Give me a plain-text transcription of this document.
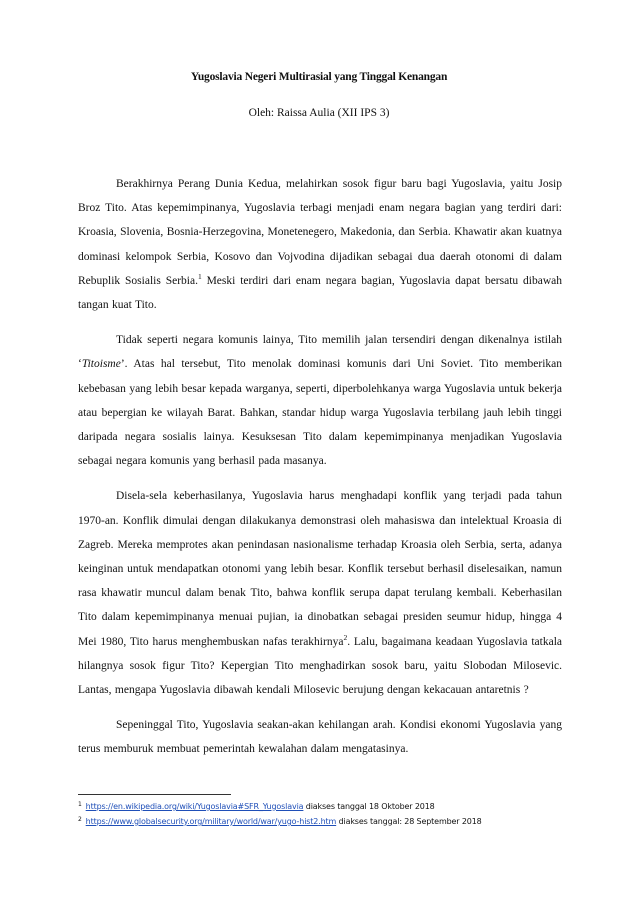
Yugoslavia Negeri Multirasial yang Tinggal Kenangan
Oleh: Raissa Aulia (XII IPS 3)

Berakhirnya Perang Dunia Kedua, melahirkan sosok figur baru bagi Yugoslavia, yaitu Josip Broz Tito. Atas kepemimpinanya, Yugoslavia terbagi menjadi enam negara bagian yang terdiri dari: Kroasia, Slovenia, Bosnia-Herzegovina, Monetenegero, Makedonia, dan Serbia. Khawatir akan kuatnya dominasi kelompok Serbia, Kosovo dan Vojvodina dijadikan sebagai dua daerah otonomi di dalam Rebuplik Sosialis Serbia.$^1$ Meski terdiri dari enam negara bagian, Yugoslavia dapat bersatu dibawah tangan kuat Tito.

Tidak seperti negara komunis lainya, Tito memilih jalan tersendiri dengan dikenalnya istilah ‘Titoisme’. Atas hal tersebut, Tito menolak dominasi komunis dari Uni Soviet. Tito memberikan kebebasan yang lebih besar kepada warganya, seperti, diperbolehkanya warga Yugoslavia untuk bekerja atau bepergian ke wilayah Barat. Bahkan, standar hidup warga Yugoslavia terbilang jauh lebih tinggi daripada negara sosialis lainya. Kesuksesan Tito dalam kepemimpinanya menjadikan Yugoslavia sebagai negara komunis yang berhasil pada masanya.

Disela-sela keberhasilanya, Yugoslavia harus menghadapi konflik yang terjadi pada tahun 1970-an. Konflik dimulai dengan dilakukanya demonstrasi oleh mahasiswa dan intelektual Kroasia di Zagreb. Mereka memprotes akan penindasan nasionalisme terhadap Kroasia oleh Serbia, serta, adanya keinginan untuk mendapatkan otonomi yang lebih besar. Konflik tersebut berhasil diselesaikan, namun rasa khawatir muncul dalam benak Tito, bahwa konflik serupa dapat terulang kembali. Keberhasilan Tito dalam kepemimpinanya menuai pujian, ia dinobatkan sebagai presiden seumur hidup, hingga 4 Mei 1980, Tito harus menghembuskan nafas terakhirnya$^2$. Lalu, bagaimana keadaan Yugoslavia tatkala hilangnya sosok figur Tito? Kepergian Tito menghadirkan sosok baru, yaitu Slobodan Milosevic. Lantas, mengapa Yugoslavia dibawah kendali Milosevic berujung dengan kekacauan antaretnis ?

Sepeninggal Tito, Yugoslavia seakan-akan kehilangan arah. Kondisi ekonomi Yugoslavia yang terus memburuk membuat pemerintah kewalahan dalam mengatasinya.

$^1$ https://en.wikipedia.org/wiki/Yugoslavia#SFR_Yugoslavia diakses tanggal 18 Oktober 2018
$^2$ https://www.globalsecurity.org/military/world/war/yugo-hist2.htm diakses tanggal: 28 September 2018
